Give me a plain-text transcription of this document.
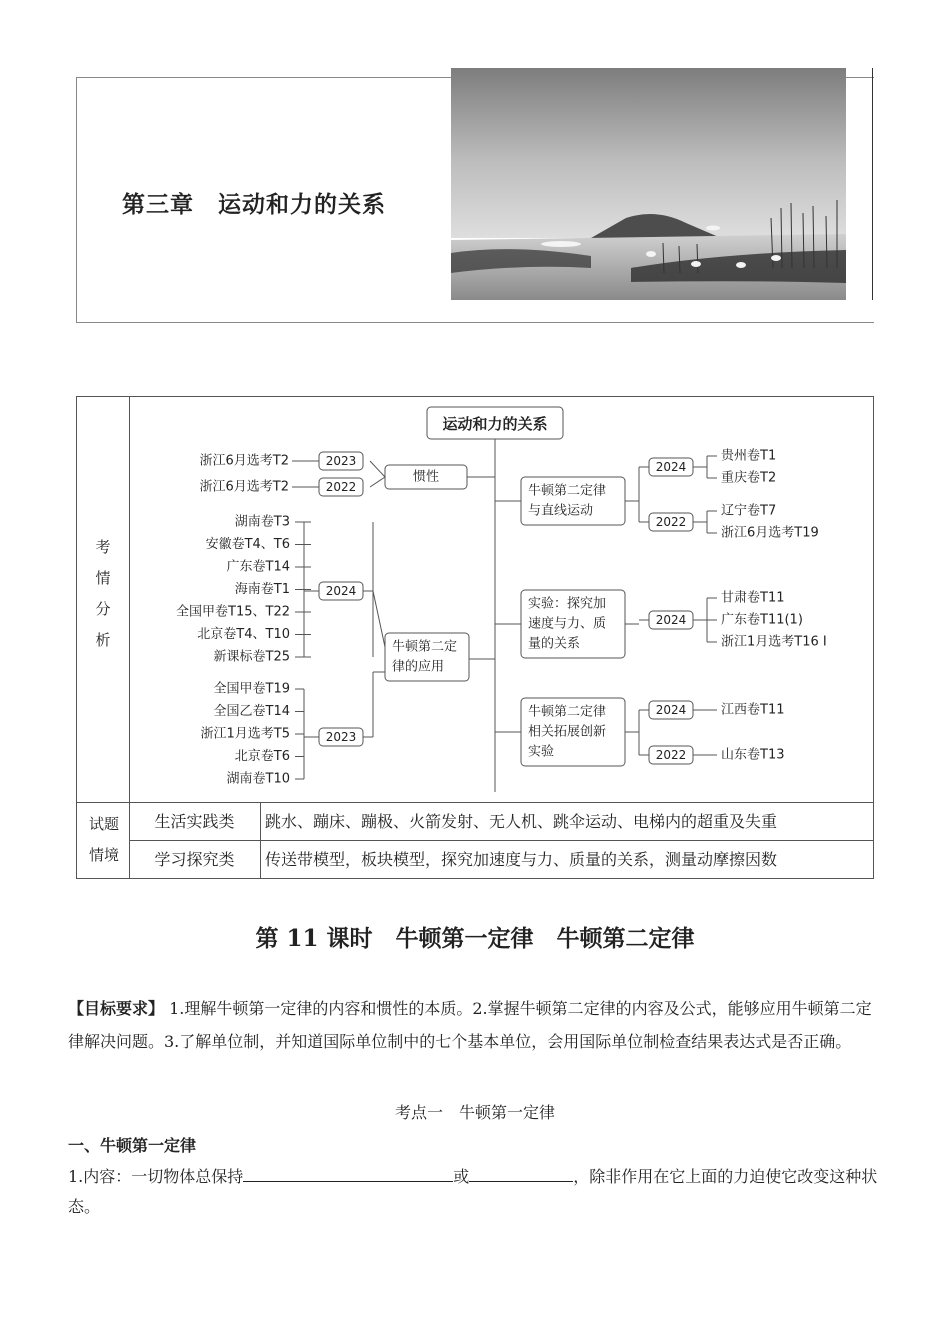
第三章　运动和力的关系
考
情
分
析
运动和力的关系
惯性
2023
浙江6月选考T2
2022
浙江6月选考T2
牛顿第二定
律的应用
2024
湖南卷T3
安徽卷T4、T6
广东卷T14
海南卷T1
全国甲卷T15、T22
北京卷T4、T10
新课标卷T25
2023
全国甲卷T19
全国乙卷T14
浙江1月选考T5
北京卷T6
湖南卷T10
牛顿第二定律
与直线运动
2024
贵州卷T1
重庆卷T2
2022
辽宁卷T7
浙江6月选考T19
实验：探究加
速度与力、质
量的关系
2024
甘肃卷T11
广东卷T11(1)
浙江1月选考T16 Ⅰ
牛顿第二定律
相关拓展创新
实验
2024	江西卷T11
2022	山东卷T13
试题
情境
生活实践类	跳水、蹦床、蹦极、火箭发射、无人机、跳伞运动、电梯内的超重及失重
学习探究类	传送带模型，板块模型，探究加速度与力、质量的关系，测量动摩擦因数
第 11 课时　牛顿第一定律　牛顿第二定律
【目标要求】 1.理解牛顿第一定律的内容和惯性的本质。2.掌握牛顿第二定律的内容及公式，能够应用牛顿第二定律解决问题。3.了解单位制，并知道国际单位制中的七个基本单位，会用国际单位制检查结果表达式是否正确。
考点一　牛顿第一定律
一、牛顿第一定律
1.内容：一切物体总保持	或	，除非作用在它上面的力迫使它改变这种状态。
